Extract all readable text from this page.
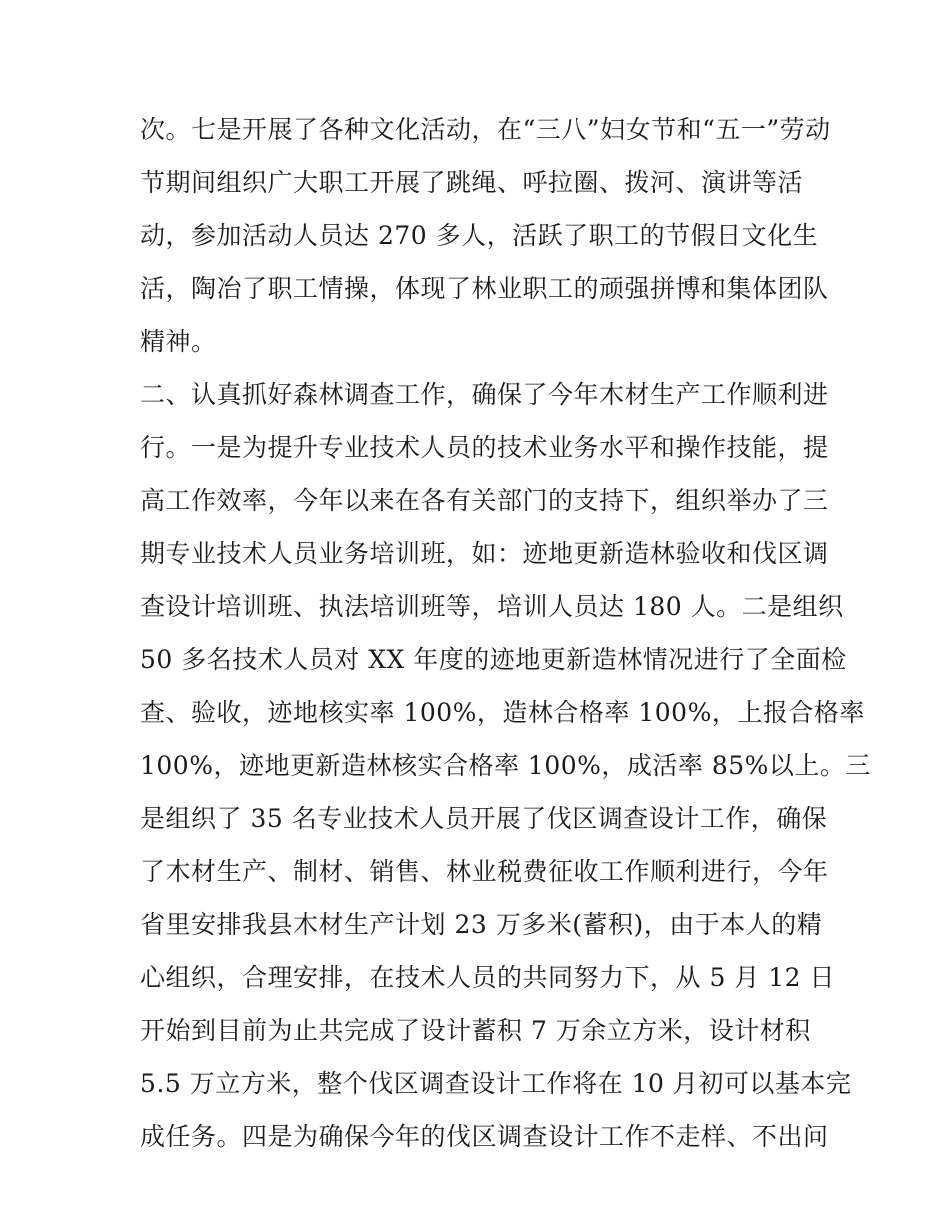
次。七是开展了各种文化活动，在“三八”妇女节和“五一”劳动
节期间组织广大职工开展了跳绳、呼拉圈、拨河、演讲等活
动，参加活动人员达 270 多人，活跃了职工的节假日文化生
活，陶冶了职工情操，体现了林业职工的顽强拼博和集体团队
精神。
二、认真抓好森林调查工作，确保了今年木材生产工作顺利进
行。一是为提升专业技术人员的技术业务水平和操作技能，提
高工作效率，今年以来在各有关部门的支持下，组织举办了三
期专业技术人员业务培训班，如：迹地更新造林验收和伐区调
查设计培训班、执法培训班等，培训人员达 180 人。二是组织
50 多名技术人员对 XX 年度的迹地更新造林情况进行了全面检
查、验收，迹地核实率 100%，造林合格率 100%，上报合格率
100%，迹地更新造林核实合格率 100%，成活率 85%以上。三
是组织了 35 名专业技术人员开展了伐区调查设计工作，确保
了木材生产、制材、销售、林业税费征收工作顺利进行，今年
省里安排我县木材生产计划 23 万多米(蓄积)，由于本人的精
心组织，合理安排，在技术人员的共同努力下，从 5 月 12 日
开始到目前为止共完成了设计蓄积 7 万余立方米，设计材积
5.5 万立方米，整个伐区调查设计工作将在 10 月初可以基本完
成任务。四是为确保今年的伐区调查设计工作不走样、不出问
